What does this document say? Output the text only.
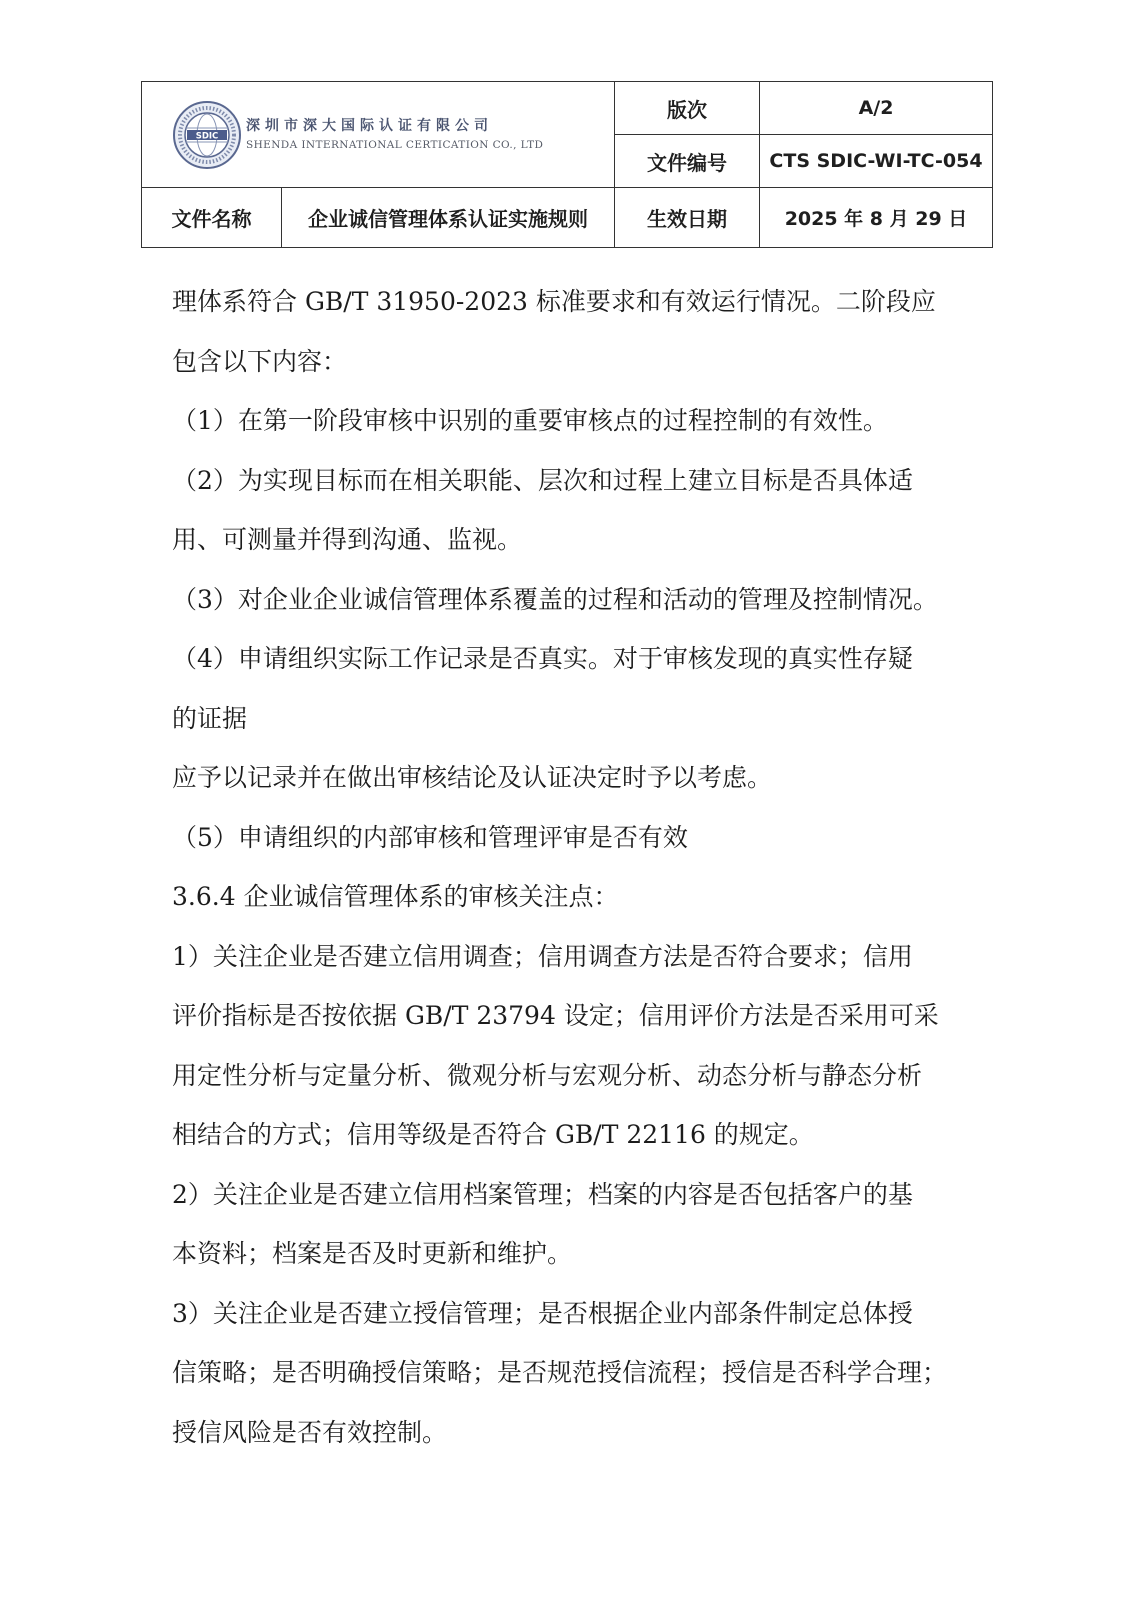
SDIC
深圳市深大国际认证有限公司
SHENDA INTERNATIONAL CERTICATION CO., LTD		版次	A/2
		文件编号	CTS SDIC-WI-TC-054
文件名称	企业诚信管理体系认证实施规则	生效日期	2025 年 8 月 29 日
理体系符合 GB/T 31950-2023 标准要求和有效运行情况。二阶段应
包含以下内容：
（1）在第一阶段审核中识别的重要审核点的过程控制的有效性。
（2）为实现目标而在相关职能、层次和过程上建立目标是否具体适
用、可测量并得到沟通、监视。
（3）对企业企业诚信管理体系覆盖的过程和活动的管理及控制情况。
（4）申请组织实际工作记录是否真实。对于审核发现的真实性存疑
的证据
应予以记录并在做出审核结论及认证决定时予以考虑。
（5）申请组织的内部审核和管理评审是否有效
3.6.4 企业诚信管理体系的审核关注点：
1）关注企业是否建立信用调查；信用调查方法是否符合要求；信用
评价指标是否按依据 GB/T 23794 设定；信用评价方法是否采用可采
用定性分析与定量分析、微观分析与宏观分析、动态分析与静态分析
相结合的方式；信用等级是否符合 GB/T 22116 的规定。
2）关注企业是否建立信用档案管理；档案的内容是否包括客户的基
本资料；档案是否及时更新和维护。
3）关注企业是否建立授信管理；是否根据企业内部条件制定总体授
信策略；是否明确授信策略；是否规范授信流程；授信是否科学合理；
授信风险是否有效控制。
